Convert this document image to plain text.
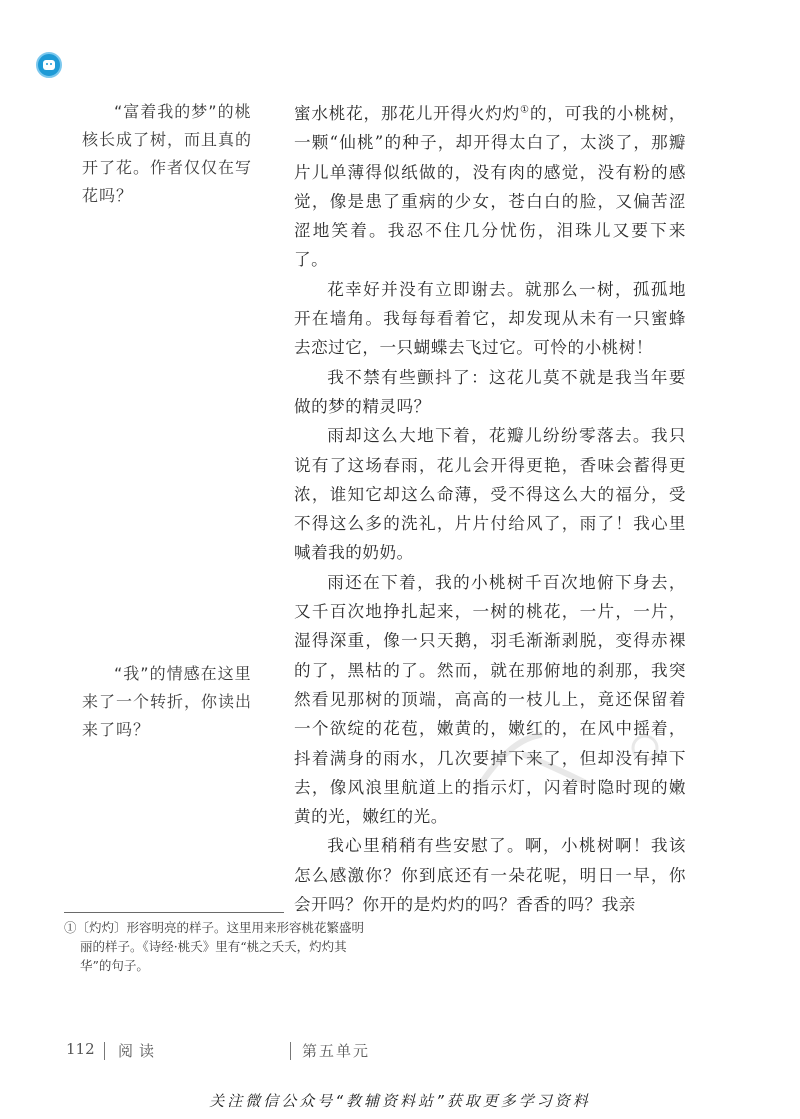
“富着我的梦”的桃核长成了树，而且真的开了花。作者仅仅在写花吗？
“我”的情感在这里来了一个转折，你读出来了吗？

蜜水桃花，那花儿开得火灼灼①的，可我的小桃树，一颗“仙桃”的种子，却开得太白了，太淡了，那瓣片儿单薄得似纸做的，没有肉的感觉，没有粉的感觉，像是患了重病的少女，苍白白的脸，又偏苦涩涩地笑着。我忍不住几分忧伤，泪珠儿又要下来了。

花幸好并没有立即谢去。就那么一树，孤孤地开在墙角。我每每看着它，却发现从未有一只蜜蜂去恋过它，一只蝴蝶去飞过它。可怜的小桃树！

我不禁有些颤抖了：这花儿莫不就是我当年要做的梦的精灵吗？

雨却这么大地下着，花瓣儿纷纷零落去。我只说有了这场春雨，花儿会开得更艳，香味会蓄得更浓，谁知它却这么命薄，受不得这么大的福分，受不得这么多的洗礼，片片付给风了，雨了！我心里喊着我的奶奶。

雨还在下着，我的小桃树千百次地俯下身去，又千百次地挣扎起来，一树的桃花，一片，一片，湿得深重，像一只天鹅，羽毛渐渐剥脱，变得赤裸的了，黑枯的了。然而，就在那俯地的刹那，我突然看见那树的顶端，高高的一枝儿上，竟还保留着一个欲绽的花苞，嫩黄的，嫩红的，在风中摇着，抖着满身的雨水，几次要掉下来了，但却没有掉下去，像风浪里航道上的指示灯，闪着时隐时现的嫩黄的光，嫩红的光。

我心里稍稍有些安慰了。啊，小桃树啊！我该怎么感激你？你到底还有一朵花呢，明日一早，你会开吗？你开的是灼灼的吗？香香的吗？我亲

①〔灼灼〕形容明亮的样子。这里用来形容桃花繁盛明丽的样子。《诗经·桃夭》里有“桃之夭夭，灼灼其华”的句子。
112 阅读	第五单元
关注微信公众号“教辅资料站”获取更多学习资料
